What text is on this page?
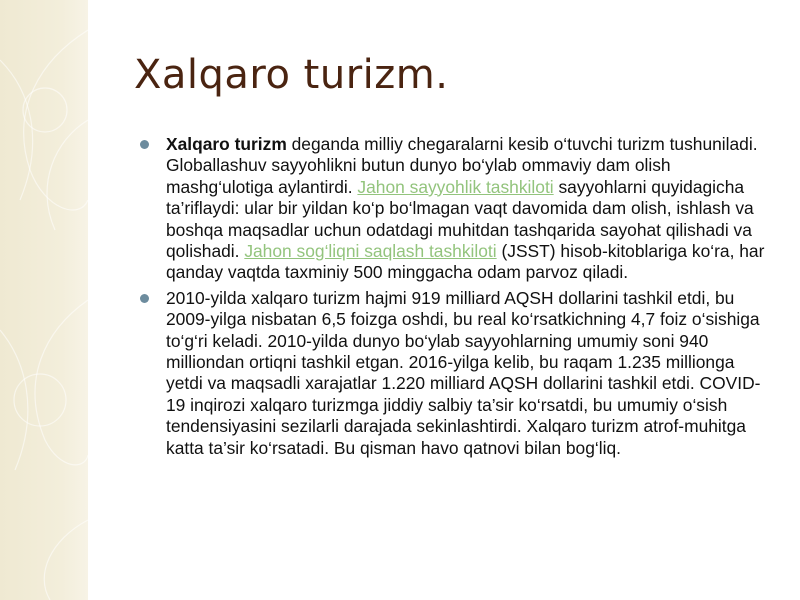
Xalqaro turizm.
Xalqaro turizm deganda milliy chegaralarni kesib o‘tuvchi turizm tushuniladi. Globallashuv sayyohlikni butun dunyo bo‘ylab ommaviy dam olish mashg‘ulotiga aylantirdi. Jahon sayyohlik tashkiloti sayyohlarni quyidagicha ta’riflaydi: ular bir yildan ko‘p bo‘lmagan vaqt davomida dam olish, ishlash va boshqa maqsadlar uchun odatdagi muhitdan tashqarida sayohat qilishadi va qolishadi. Jahon sog‘liqni saqlash tashkiloti (JSST) hisob-kitoblariga ko‘ra, har qanday vaqtda taxminiy 500 minggacha odam parvoz qiladi.
2010-yilda xalqaro turizm hajmi 919 milliard AQSH dollarini tashkil etdi, bu 2009-yilga nisbatan 6,5 foizga oshdi, bu real ko‘rsatkichning 4,7 foiz o‘sishiga to‘g‘ri keladi. 2010-yilda dunyo bo‘ylab sayyohlarning umumiy soni 940 milliondan ortiqni tashkil etgan. 2016-yilga kelib, bu raqam 1.235 millionga yetdi va maqsadli xarajatlar 1.220 milliard AQSH dollarini tashkil etdi. COVID-19 inqirozi xalqaro turizmga jiddiy salbiy ta’sir ko‘rsatdi, bu umumiy o‘sish tendensiyasini sezilarli darajada sekinlashtirdi. Xalqaro turizm atrof-muhitga katta ta’sir ko‘rsatadi. Bu qisman havo qatnovi bilan bog‘liq.
